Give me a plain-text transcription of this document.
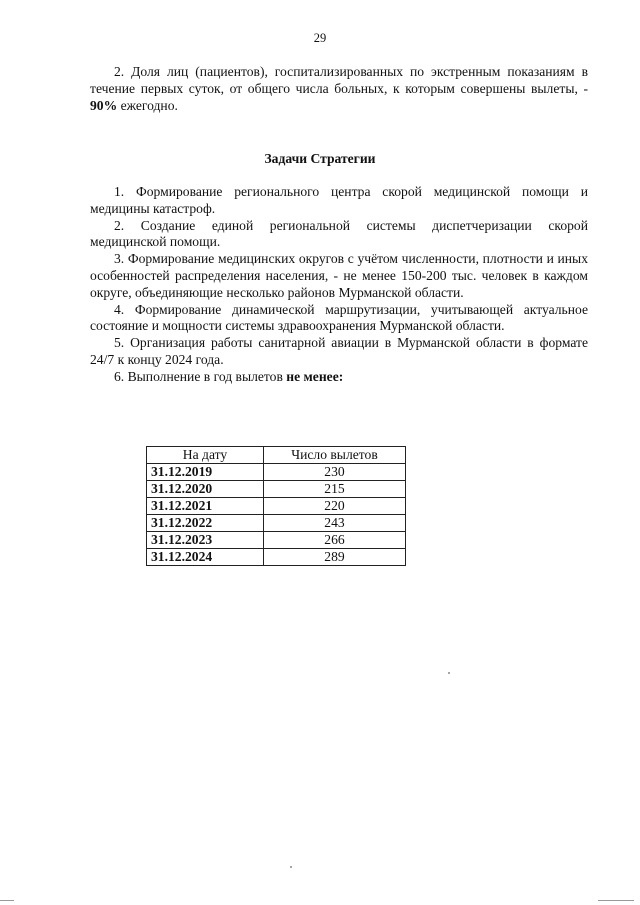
29

2. Доля лиц (пациентов), госпитализированных по экстренным показаниям в течение первых суток, от общего числа больных, к которым совершены вылеты, - 90% ежегодно.

Задачи Стратегии

1. Формирование регионального центра скорой медицинской помощи и медицины катастроф.

2. Создание единой региональной системы диспетчеризации скорой медицинской помощи.

3. Формирование медицинских округов с учётом численности, плотности и иных особенностей распределения населения, - не менее 150-200 тыс. человек в каждом округе, объединяющие несколько районов Мурманской области.

4. Формирование динамической маршрутизации, учитывающей актуальное состояние и мощности системы здравоохранения Мурманской области.

5. Организация работы санитарной авиации в Мурманской области в формате 24/7 к концу 2024 года.

6. Выполнение в год вылетов не менее:

На дату	Число вылетов
31.12.2019	230
31.12.2020	215
31.12.2021	220
31.12.2022	243
31.12.2023	266
31.12.2024	289
